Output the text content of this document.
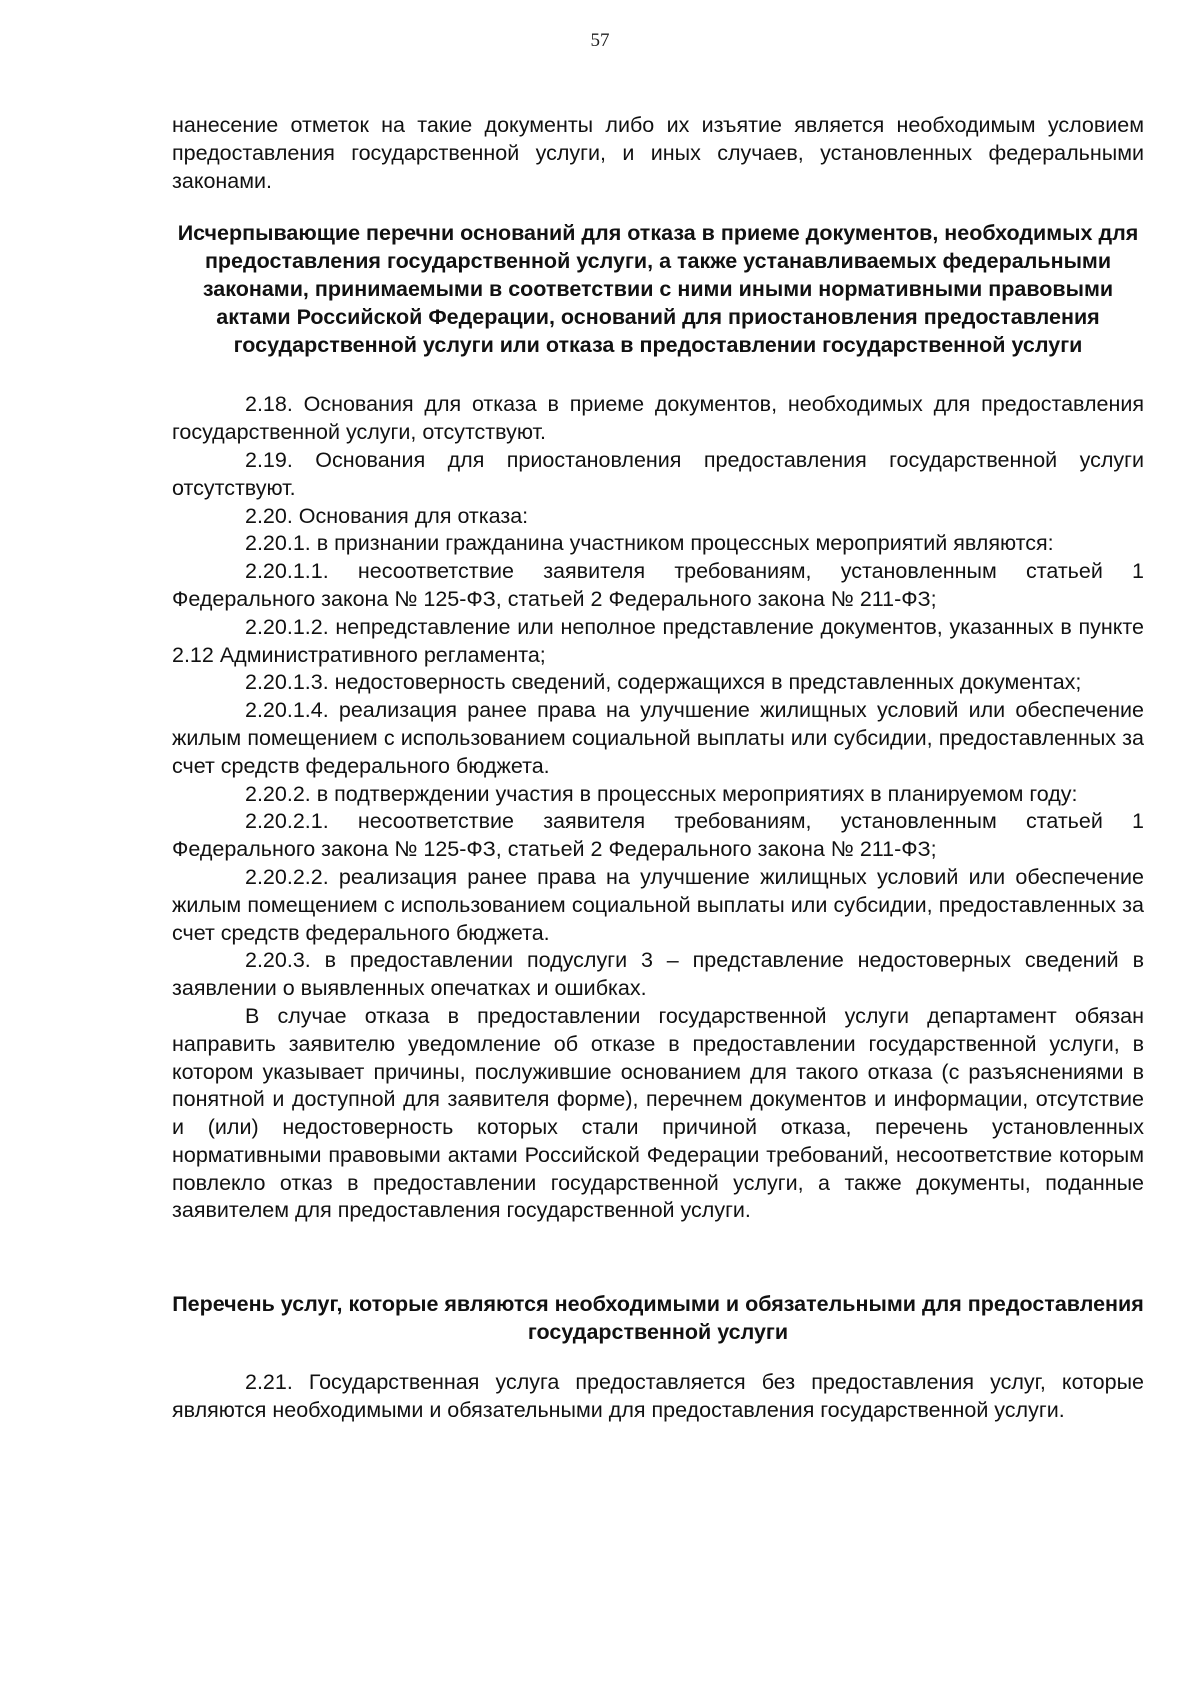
57

нанесение отметок на такие документы либо их изъятие является необходимым условием предоставления государственной услуги, и иных случаев, установленных федеральными законами.

Исчерпывающие перечни оснований для отказа в приеме документов, необходимых для предоставления государственной услуги, а также устанавливаемых федеральными законами, принимаемыми в соответствии с ними иными нормативными правовыми актами Российской Федерации, оснований для приостановления предоставления государственной услуги или отказа в предоставлении государственной услуги

2.18. Основания для отказа в приеме документов, необходимых для предоставления государственной услуги, отсутствуют.

2.19. Основания для приостановления предоставления государственной услуги отсутствуют.

2.20. Основания для отказа:

2.20.1. в признании гражданина участником процессных мероприятий являются:

2.20.1.1. несоответствие заявителя требованиям, установленным статьей 1 Федерального закона № 125-ФЗ, статьей 2 Федерального закона № 211-ФЗ;

2.20.1.2. непредставление или неполное представление документов, указанных в пункте 2.12 Административного регламента;

2.20.1.3. недостоверность сведений, содержащихся в представленных документах;

2.20.1.4. реализация ранее права на улучшение жилищных условий или обеспечение жилым помещением с использованием социальной выплаты или субсидии, предоставленных за счет средств федерального бюджета.

2.20.2. в подтверждении участия в процессных мероприятиях в планируемом году:

2.20.2.1. несоответствие заявителя требованиям, установленным статьей 1 Федерального закона № 125-ФЗ, статьей 2 Федерального закона № 211-ФЗ;

2.20.2.2. реализация ранее права на улучшение жилищных условий или обеспечение жилым помещением с использованием социальной выплаты или субсидии, предоставленных за счет средств федерального бюджета.

2.20.3. в предоставлении подуслуги 3 – представление недостоверных сведений в заявлении о выявленных опечатках и ошибках.

В случае отказа в предоставлении государственной услуги департамент обязан направить заявителю уведомление об отказе в предоставлении государственной услуги, в котором указывает причины, послужившие основанием для такого отказа (с разъяснениями в понятной и доступной для заявителя форме), перечнем документов и информации, отсутствие и (или) недостоверность которых стали причиной отказа, перечень установленных нормативными правовыми актами Российской Федерации требований, несоответствие которым повлекло отказ в предоставлении государственной услуги, а также документы, поданные заявителем для предоставления государственной услуги.

Перечень услуг, которые являются необходимыми и обязательными для предоставления государственной услуги

2.21. Государственная услуга предоставляется без предоставления услуг, которые являются необходимыми и обязательными для предоставления государственной услуги.
